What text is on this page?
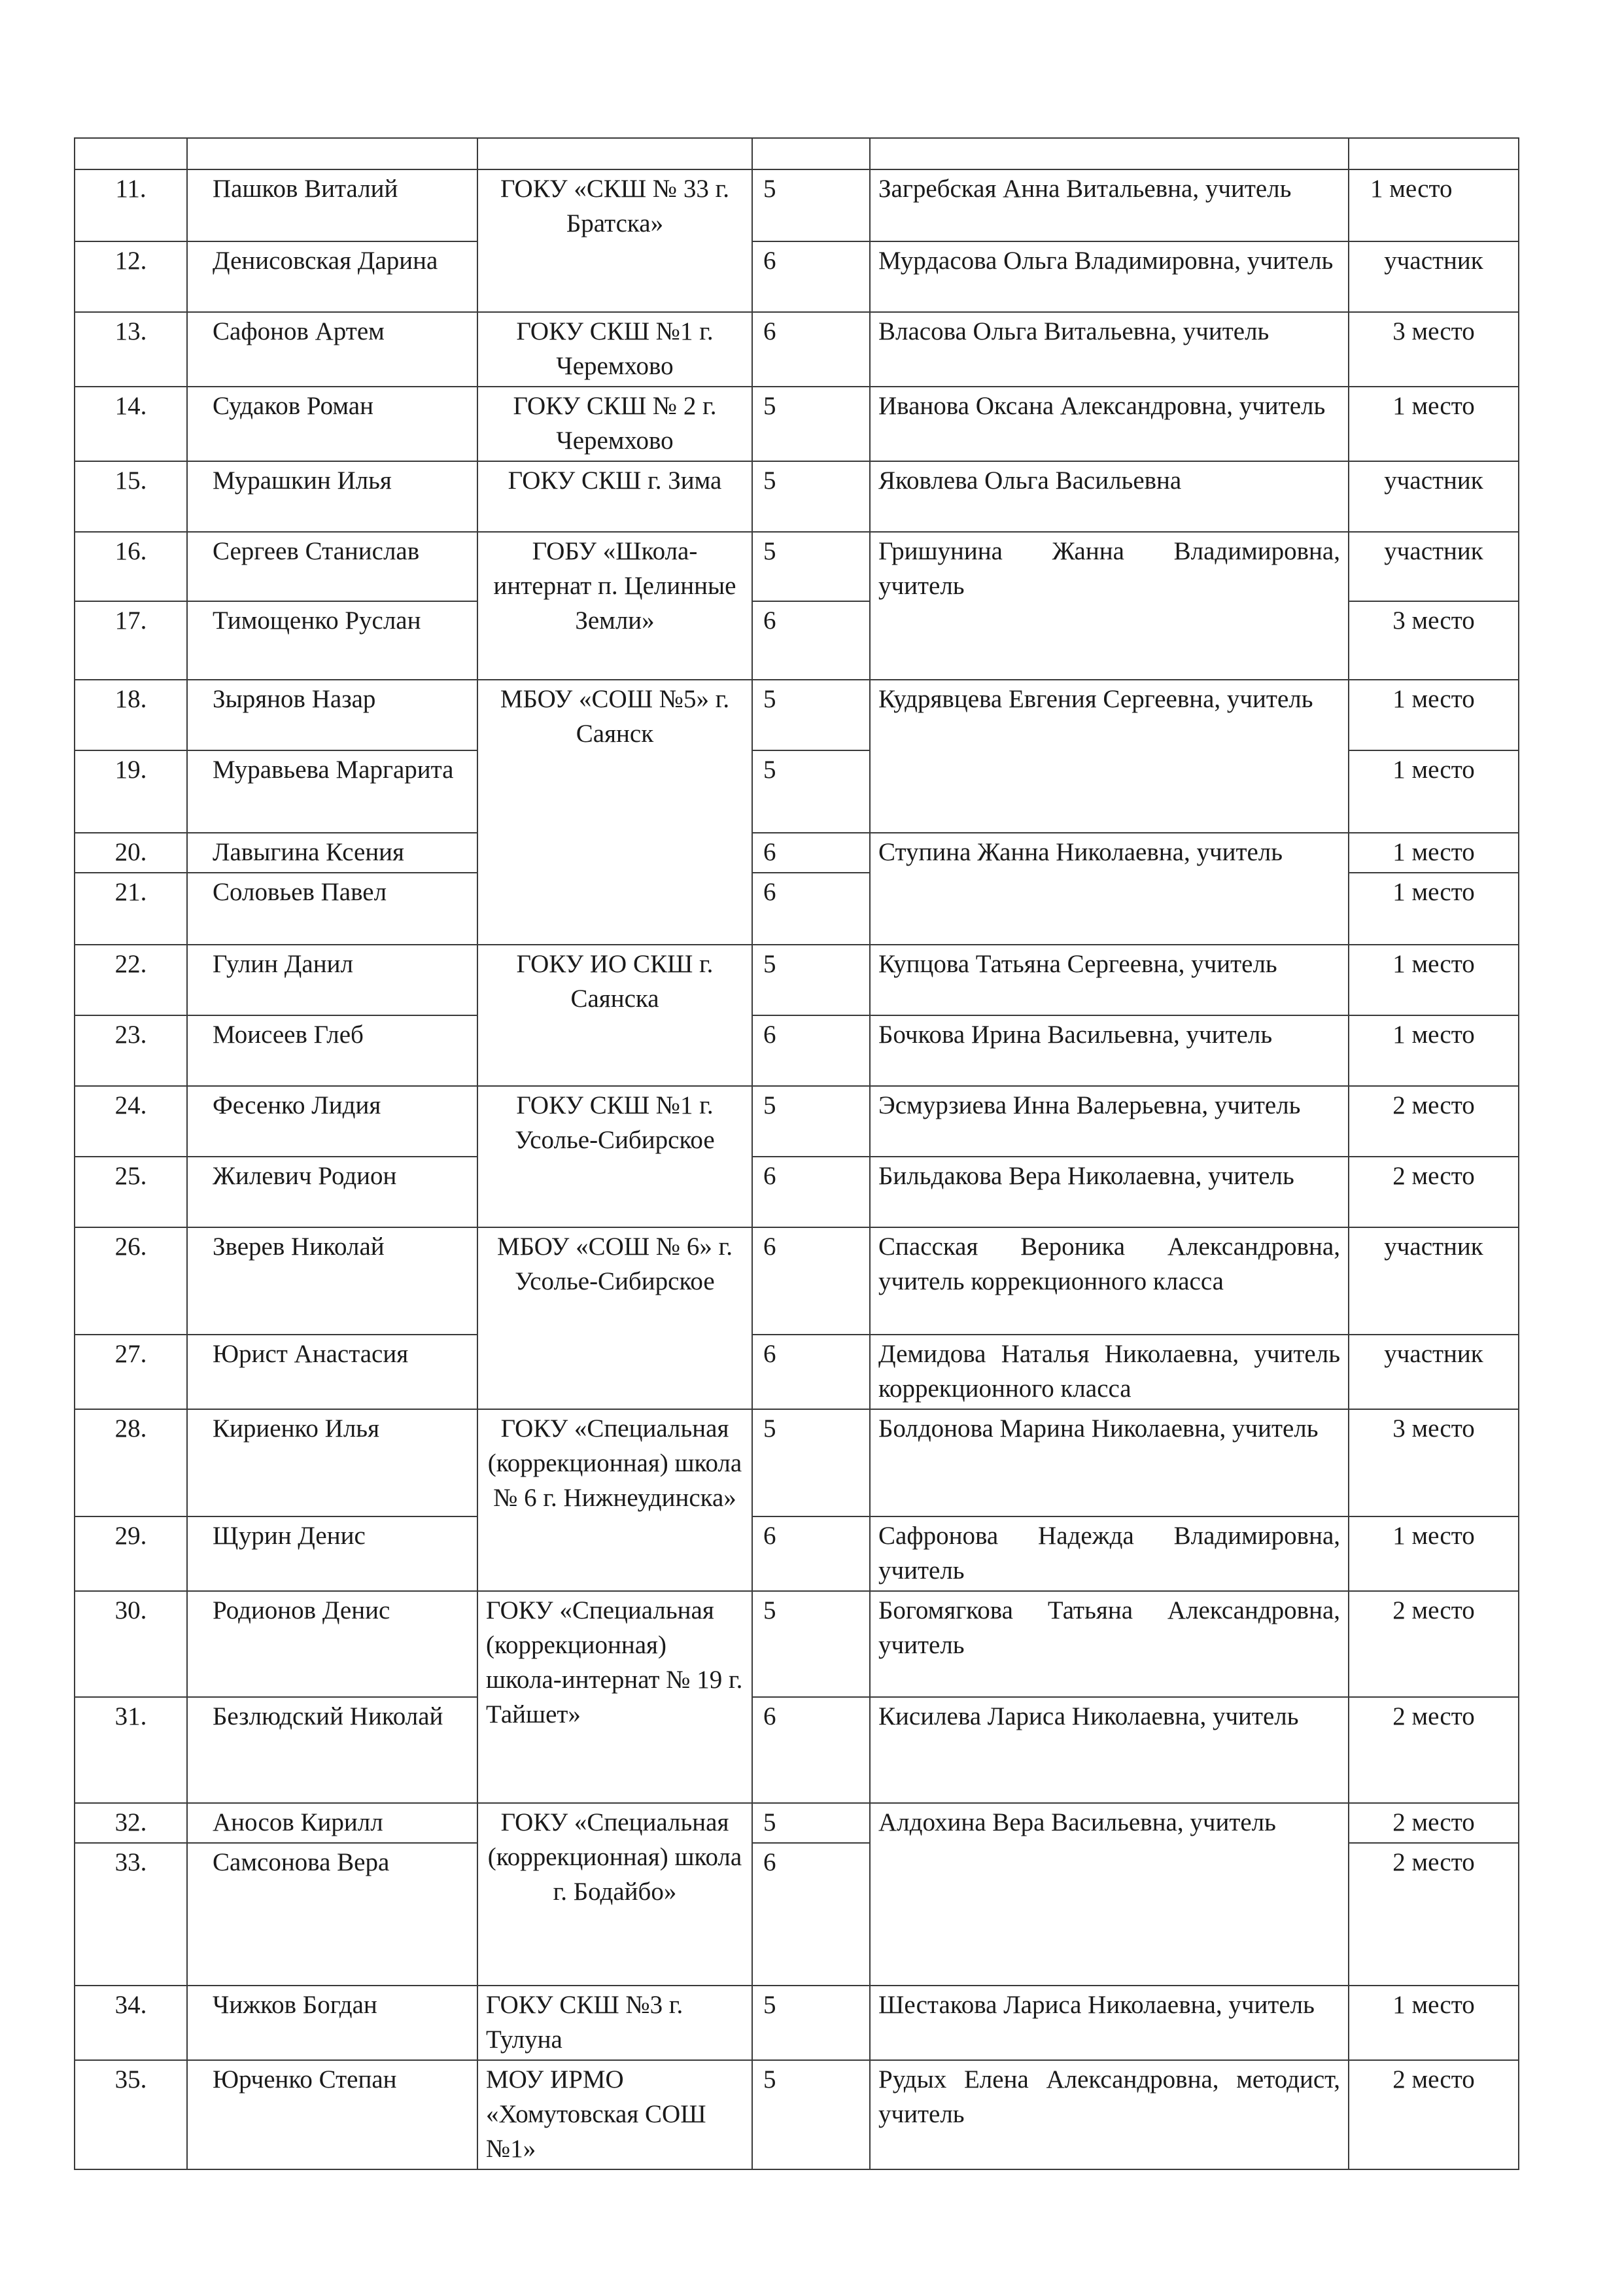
11.	Пашков Виталий	ГОКУ «СКШ № 33 г. Братска»	5	Загребская Анна Витальевна, учитель	1 место
12.	Денисовская Дарина		6	Мурдасова Ольга Владимировна, учитель	участник
13.	Сафонов Артем	ГОКУ СКШ №1 г. Черемхово	6	Власова Ольга Витальевна, учитель	3 место
14.	Судаков Роман	ГОКУ СКШ № 2 г. Черемхово	5	Иванова Оксана Александровна, учитель	1 место
15.	Мурашкин Илья	ГОКУ СКШ г. Зима	5	Яковлева Ольга Васильевна	участник
16.	Сергеев Станислав	ГОБУ «Школа-интернат п. Целинные Земли»	5	Гришунина Жанна Владимировна, учитель	участник
17.	Тимощенко Руслан		6		3 место
18.	Зырянов Назар	МБОУ «СОШ №5» г. Саянск	5	Кудрявцева Евгения Сергеевна, учитель	1 место
19.	Муравьева Маргарита		5		1 место
20.	Лавыгина Ксения		6	Ступина Жанна Николаевна, учитель	1 место
21.	Соловьев Павел		6		1 место
22.	Гулин Данил	ГОКУ ИО СКШ г. Саянска	5	Купцова Татьяна Сергеевна, учитель	1 место
23.	Моисеев Глеб		6	Бочкова Ирина Васильевна, учитель	1 место
24.	Фесенко Лидия	ГОКУ СКШ №1 г. Усолье-Сибирское	5	Эсмурзиева Инна Валерьевна, учитель	2 место
25.	Жилевич Родион		6	Бильдакова Вера Николаевна, учитель	2 место
26.	Зверев Николай	МБОУ «СОШ № 6» г. Усолье-Сибирское	6	Спасская Вероника Александровна, учитель коррекционного класса	участник
27.	Юрист Анастасия		6	Демидова Наталья Николаевна, учитель коррекционного класса	участник
28.	Кириенко Илья	ГОКУ «Специальная (коррекционная) школа № 6 г. Нижнеудинска»	5	Болдонова Марина Николаевна, учитель	3 место
29.	Щурин Денис		6	Сафронова Надежда Владимировна, учитель	1 место
30.	Родионов Денис	ГОКУ «Специальная (коррекционная) школа-интернат № 19 г. Тайшет»	5	Богомягкова Татьяна Александровна, учитель	2 место
31.	Безлюдский Николай		6	Кисилева Лариса Николаевна, учитель	2 место
32.	Аносов Кирилл	ГОКУ «Специальная (коррекционная) школа г. Бодайбо»	5	Алдохина Вера Васильевна, учитель	2 место
33.	Самсонова Вера		6		2 место
34.	Чижков Богдан	ГОКУ СКШ №3 г. Тулуна	5	Шестакова Лариса Николаевна, учитель	1 место
35.	Юрченко Степан	МОУ ИРМО «Хомутовская СОШ №1»	5	Рудых Елена Александровна, методист, учитель	2 место
